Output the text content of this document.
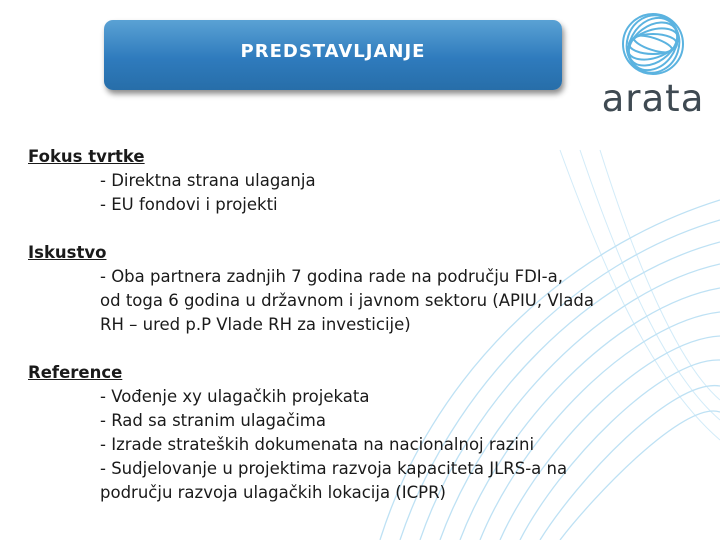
PREDSTAVLJANJE
arata
Fokus tvrtke
- Direktna strana ulaganja
- EU fondovi i projekti
Iskustvo
- Oba partnera zadnjih 7 godina rade na području FDI-a,
od toga 6 godina u državnom i javnom sektoru (APIU, Vlada
RH – ured p.P Vlade RH za investicije)
Reference
- Vođenje xy ulagačkih projekata
- Rad sa stranim ulagačima
- Izrade strateških dokumenata na nacionalnoj razini
- Sudjelovanje u projektima razvoja kapaciteta JLRS-a na
području razvoja ulagačkih lokacija (ICPR)
